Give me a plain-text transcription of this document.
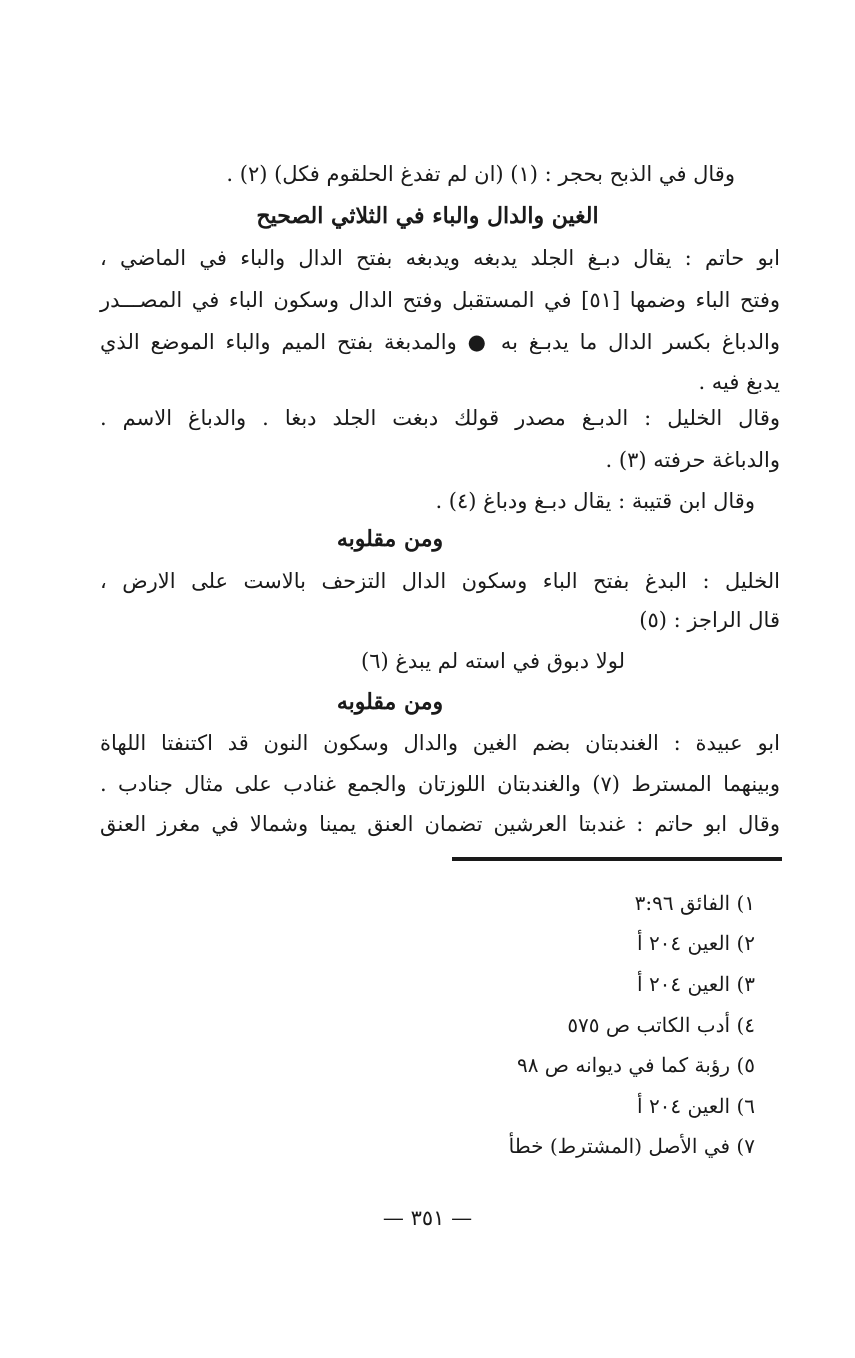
وقال في الذبح بحجر : (١) (ان لم تفدغ الحلقوم فكل) (٢) .
الغين والدال والباء في الثلاثي الصحيح
ابو حاتم : يقال دبـغ الجلد يدبغه ويدبغه بفتح الدال والباء في الماضي ،
وفتح الباء وضمها [٥١] في المستقبل وفتح الدال وسكون الباء في المصـــدر
والدباغ بكسر الدال ما يدبـغ به ● والمدبغة بفتح الميم والباء الموضع الذي
يدبغ فيه .
وقال الخليل : الدبـغ مصدر قولك دبغت الجلد دبغا . والدباغ الاسم .
والدباغة حرفته (٣) .
وقال ابن قتيبة : يقال دبـغ ودباغ (٤) .
ومن مقلوبه
الخليل : البدغ بفتح الباء وسكون الدال التزحف بالاست على الارض ،
قال الراجز : (٥)
لولا دبوق في استه لم يبدغ (٦)
ومن مقلوبه
ابو عبيدة : الغندبتان بضم الغين والدال وسكون النون قد اكتنفتا اللهاة
وبينهما المسترط (٧) والغندبتان اللوزتان والجمع غنادب على مثال جنادب .
وقال ابو حاتم : غندبتا العرشين تضمان العنق يمينا وشمالا في مغرز العنق
١) الفائق ٣:٩٦
٢) العين ٢٠٤ أ
٣) العين ٢٠٤ أ
٤) أدب الكاتب ص ٥٧٥
٥) رؤبة كما في ديوانه ص ٩٨
٦) العين ٢٠٤ أ
٧) في الأصل (المشترط) خطأ
— ٣٥١ —
